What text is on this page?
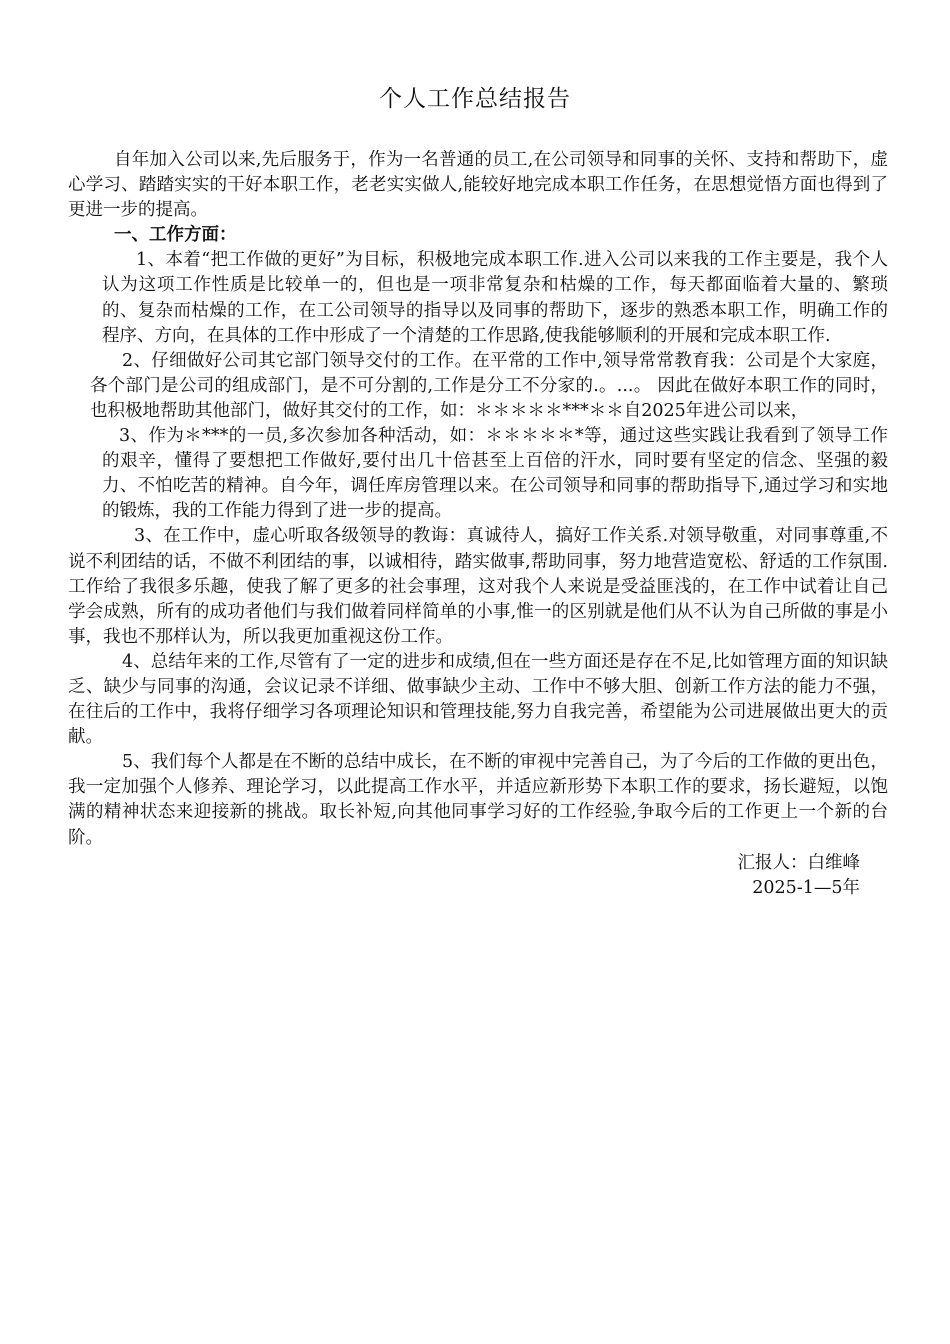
个人工作总结报告

自年加入公司以来,先后服务于，作为一名普通的员工,在公司领导和同事的关怀、支持和帮助下，虚心学习、踏踏实实的干好本职工作，老老实实做人,能较好地完成本职工作任务，在思想觉悟方面也得到了更进一步的提高。

一、工作方面：

1、本着“把工作做的更好”为目标，积极地完成本职工作.进入公司以来我的工作主要是，我个人认为这项工作性质是比较单一的，但也是一项非常复杂和枯燥的工作，每天都面临着大量的、繁琐的、复杂而枯燥的工作，在工公司领导的指导以及同事的帮助下，逐步的熟悉本职工作，明确工作的程序、方向，在具体的工作中形成了一个清楚的工作思路,使我能够顺利的开展和完成本职工作.

2、仔细做好公司其它部门领导交付的工作。在平常的工作中,领导常常教育我：公司是个大家庭，各个部门是公司的组成部门，是不可分割的,工作是分工不分家的.。...。 因此在做好本职工作的同时，也积极地帮助其他部门，做好其交付的工作，如：＊＊＊＊＊***＊＊自2025年进公司以来，

3、作为＊***的一员,多次参加各种活动，如：＊＊＊＊＊*等，通过这些实践让我看到了领导工作的艰辛，懂得了要想把工作做好,要付出几十倍甚至上百倍的汗水，同时要有坚定的信念、坚强的毅力、不怕吃苦的精神。自今年，调任库房管理以来。在公司领导和同事的帮助指导下,通过学习和实地的锻炼，我的工作能力得到了进一步的提高。

3、在工作中，虚心听取各级领导的教诲：真诚待人，搞好工作关系.对领导敬重，对同事尊重,不说不利团结的话，不做不利团结的事，以诚相待，踏实做事,帮助同事，努力地营造宽松、舒适的工作氛围.工作给了我很多乐趣，使我了解了更多的社会事理，这对我个人来说是受益匪浅的，在工作中试着让自己学会成熟，所有的成功者他们与我们做着同样简单的小事,惟一的区别就是他们从不认为自己所做的事是小事，我也不那样认为，所以我更加重视这份工作。

4、总结年来的工作,尽管有了一定的进步和成绩,但在一些方面还是存在不足,比如管理方面的知识缺乏、缺少与同事的沟通，会议记录不详细、做事缺少主动、工作中不够大胆、创新工作方法的能力不强，在往后的工作中，我将仔细学习各项理论知识和管理技能,努力自我完善，希望能为公司进展做出更大的贡献。

5、我们每个人都是在不断的总结中成长，在不断的审视中完善自己，为了今后的工作做的更出色，我一定加强个人修养、理论学习，以此提高工作水平，并适应新形势下本职工作的要求，扬长避短，以饱满的精神状态来迎接新的挑战。取长补短,向其他同事学习好的工作经验,争取今后的工作更上一个新的台阶。

汇报人：白维峰

2025-1—5年
